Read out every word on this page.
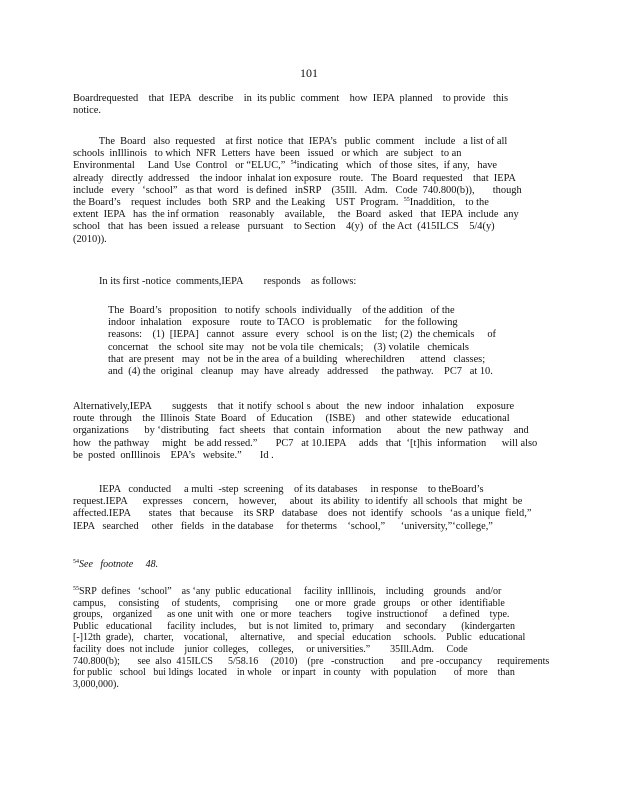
101
Boardrequested    that  IEPA   describe    in  its public  comment    how  IEPA  planned    to provide   this
notice.
The  Board   also  requested    at first  notice  that  IEPA’s   public  comment    include   a list of all
schools  inIllinois   to which  NFR  Letters  have  been   issued   or which   are  subject   to an
Environmental     Land  Use  Control   or “ELUC,”  $^{54}$indicating   which   of those  sites,  if any,   have
already   directly  addressed    the indoor  inhalat ion exposure   route.   The  Board  requested    that  IEPA
include   every   ‘school”   as that  word   is defined   inSRP    (35Ill.   Adm.   Code  740.800(b)),       though
the Board’s    request  includes   both  SRP  and  the Leaking    UST  Program.  $^{55}$Inaddition,    to the
extent  IEPA   has  the inf ormation    reasonably    available,     the  Board   asked   that  IEPA  include  any
school   that  has  been  issued  a release   pursuant    to Section    4(y)  of  the Act  (415ILCS    5/4(y)
(2010)).
In its first -notice  comments,IEPA        responds    as follows:
The  Board’s   proposition   to notify  schools  individually    of the addition   of the
indoor  inhalation    exposure    route  to TACO   is problematic     for  the following
reasons:    (1)  [IEPA]   cannot   assure   every   school   is on the  list; (2)  the chemicals     of
concernat    the  school  site may   not be vola tile  chemicals;    (3) volatile   chemicals
that  are present   may   not be in the area  of a building   wherechildren      attend   classes;
and  (4) the  original   cleanup   may  have  already   addressed     the pathway.    PC7   at 10.
Alternatively,IEPA        suggests    that  it notify  school s  about   the  new  indoor   inhalation     exposure
route  through    the  Illinois  State  Board    of  Education     (ISBE)    and  other  statewide    educational
organizations      by ‘distributing    fact  sheets   that  contain   information      about   the  new  pathway    and
how   the pathway     might   be add ressed.”       PC7   at 10.IEPA     adds   that  ‘[t]his  information      will also
be  posted  onIllinois    EPA’s   website.”       Id .
IEPA   conducted     a multi  -step  screening    of its databases     in response    to theBoard’s
request.IEPA      expresses    concern,    however,     about   its ability  to identify  all schools  that  might  be
affected.IEPA       states   that  because    its SRP   database    does  not  identify   schools   ‘as a unique  field,”
IEPA   searched     other   fields   in the database     for theterms    ‘school,”      ‘university,”‘college,”
$^{54}$See   footnote     48.
$^{55}$SRP  defines   ‘school”    as ‘any  public  educational     facility  inIllinois,    including    grounds    and/or
campus,     consisting     of  students,     comprising       one  or more   grade   groups    or other   identifiable
groups,    organized      as one  unit with   one  or more   teachers      togive  instructionof      a defined    type.
Public   educational      facility  includes,     but  is not  limited   to, primary     and  secondary      (kindergarten
[-]12th  grade),    charter,    vocational,     alternative,     and  special   education     schools.    Public   educational
facility  does  not include    junior  colleges,    colleges,     or universities.”        35Ill.Adm.     Code
740.800(b);       see  also  415ILCS      5/58.16     (2010)    (pre   -construction       and  pre -occupancy      requirements
for public   school   bui ldings  located    in whole    or inpart   in county    with  population       of  more    than
3,000,000).
